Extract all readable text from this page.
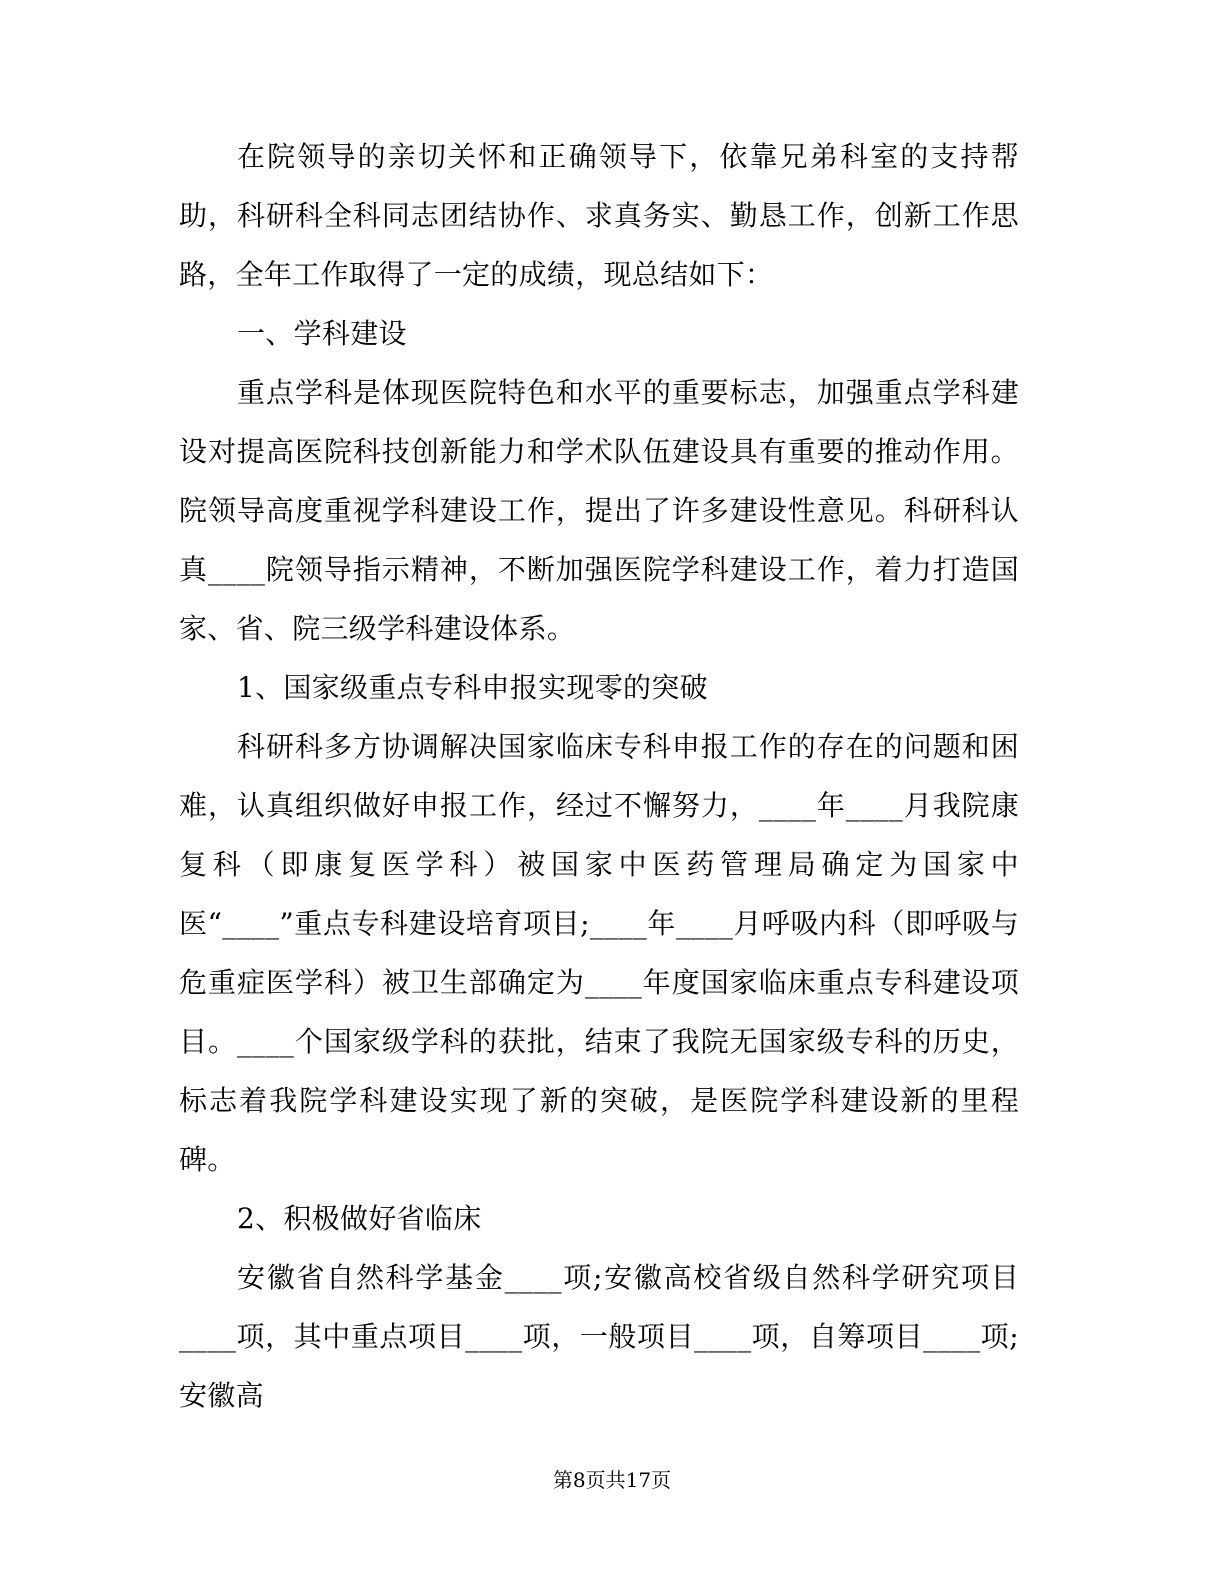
在院领导的亲切关怀和正确领导下，依靠兄弟科室的支持帮助，科研科全科同志团结协作、求真务实、勤恳工作，创新工作思路，全年工作取得了一定的成绩，现总结如下：

一、学科建设

重点学科是体现医院特色和水平的重要标志，加强重点学科建设对提高医院科技创新能力和学术队伍建设具有重要的推动作用。院领导高度重视学科建设工作，提出了许多建设性意见。科研科认真____院领导指示精神，不断加强医院学科建设工作，着力打造国家、省、院三级学科建设体系。

1、国家级重点专科申报实现零的突破

科研科多方协调解决国家临床专科申报工作的存在的问题和困难，认真组织做好申报工作，经过不懈努力，____年____月我院康复科（即康复医学科）被国家中医药管理局确定为国家中医“____”重点专科建设培育项目;____年____月呼吸内科（即呼吸与危重症医学科）被卫生部确定为____年度国家临床重点专科建设项目。____个国家级学科的获批，结束了我院无国家级专科的历史，标志着我院学科建设实现了新的突破，是医院学科建设新的里程碑。

2、积极做好省临床

安徽省自然科学基金____项;安徽高校省级自然科学研究项目____项，其中重点项目____项，一般项目____项，自筹项目____项;安徽高

第8页共17页
